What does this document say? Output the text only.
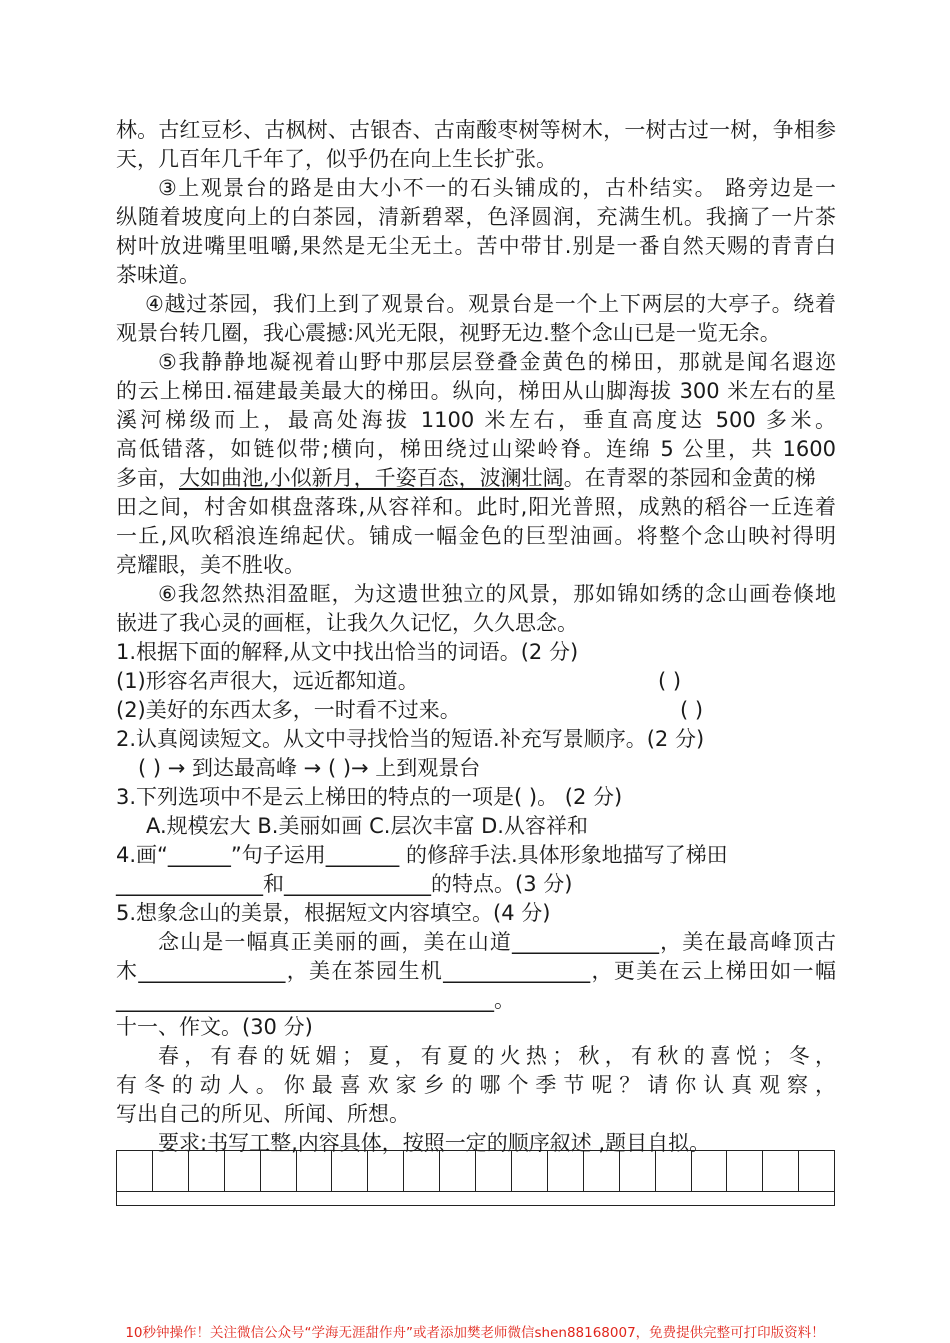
林。古红豆杉、古枫树、古银杏、古南酸枣树等树木，一树古过一树，争相参
天，几百年几千年了，似乎仍在向上生长扩张。
③上观景台的路是由大小不一的石头铺成的，古朴结实。 路旁边是一
纵随着坡度向上的白茶园，清新碧翠，色泽圆润，充满生机。我摘了一片茶
树叶放进嘴里咀嚼,果然是无尘无土。苦中带甘.别是一番自然天赐的青青白
茶味道。
④越过茶园，我们上到了观景台。观景台是一个上下两层的大亭子。绕着
观景台转几圈，我心震撼:风光无限，视野无边.整个念山已是一览无余。
⑤我静静地凝视着山野中那层层登叠金黄色的梯田，那就是闻名遐迩
的云上梯田.福建最美最大的梯田。纵向，梯田从山脚海拔 300 米左右的星
溪河梯级而上，最高处海拔 1100 米左右，垂直高度达 500 多米。
高低错落，如链似带;横向，梯田绕过山梁岭脊。连绵 5 公里，共 1600
多亩，大如曲池,小似新月，千姿百态，波澜壮阔。在青翠的茶园和金黄的梯
田之间，村舍如棋盘落珠,从容祥和。此时,阳光普照，成熟的稻谷一丘连着
一丘,风吹稻浪连绵起伏。铺成一幅金色的巨型油画。将整个念山映衬得明
亮耀眼，美不胜收。
⑥我忽然热泪盈眶，为这遗世独立的风景，那如锦如绣的念山画卷倏地
嵌进了我心灵的画框，让我久久记忆，久久思念。
1.根据下面的解释,从文中找出恰当的词语。(2 分)
(1)形容名声很大，远近都知道。	( )
(2)美好的东西太多，一时看不过来。	( )
2.认真阅读短文。从文中寻找恰当的短语.补充写景顺序。(2 分)
( ) → 到达最高峰 → ( )→ 上到观景台
3.下列选项中不是云上梯田的特点的一项是( )。 (2 分)
A.规模宏大 B.美丽如画 C.层次丰富 D.从容祥和
4.画“______”句子运用_______ 的修辞手法.具体形象地描写了梯田
______________和______________的特点。(3 分)
5.想象念山的美景，根据短文内容填空。(4 分)
念山是一幅真正美丽的画，美在山道______________，美在最高峰顶古
木______________，美在茶园生机______________，更美在云上梯田如一幅
____________________________________。
十一、作文。(30 分)
春，有春的妩媚；夏，有夏的火热；秋，有秋的喜悦；冬，
有冬的动人。你最喜欢家乡的哪个季节呢？请你认真观察，
写出自己的所见、所闻、所想。
要求:书写工整,内容具体，按照一定的顺序叙述 ,题目自拟。
10秒钟操作！关注微信公众号“学海无涯甜作舟”或者添加樊老师微信shen88168007，免费提供完整可打印版资料！
